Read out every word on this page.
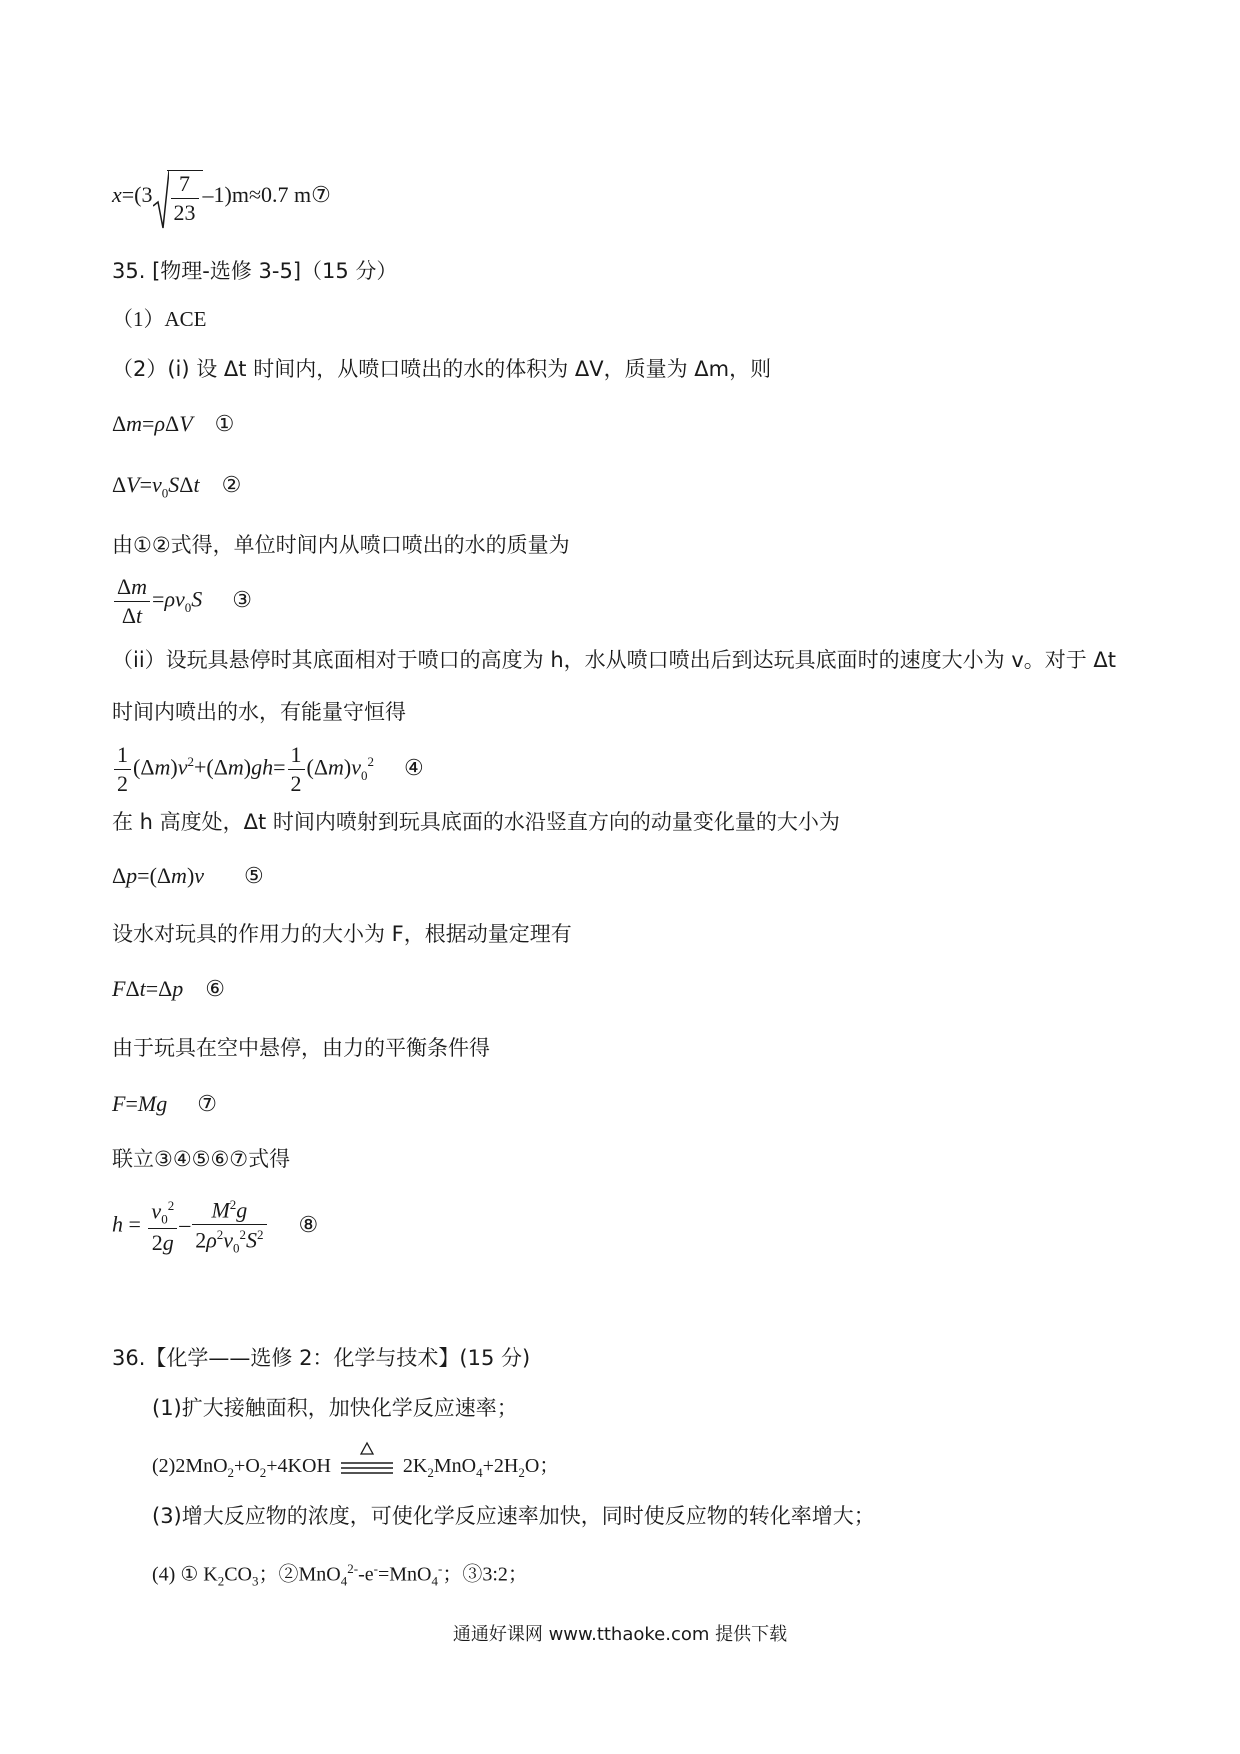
$x=(3 \frac{7}{23} -1)m\approx 0.7$ m⑦
35. [物理-选修 3-5]（15 分）
（1）ACE
（2）(i) 设 Δt 时间内，从喷口喷出的水的体积为 ΔV，质量为 Δm，则
Δm=ρΔV ①
$\Delta V=v_0S\Delta t$ ②
由①②式得，单位时间内从喷口喷出的水的质量为
$\frac{\Delta m}{\Delta t} =\rho v_0S$ ③
（ii）设玩具悬停时其底面相对于喷口的高度为 h，水从喷口喷出后到达玩具底面时的速度大小为 v。对于 Δt
时间内喷出的水，有能量守恒得
$\frac{1}{2} (\Delta m)v^2+(\Delta m)gh= \frac{1}{2} (\Delta m)v_0^2$ ④
在 h 高度处，Δt 时间内喷射到玩具底面的水沿竖直方向的动量变化量的大小为
Δp=(Δm)v ⑤
设水对玩具的作用力的大小为 F，根据动量定理有
FΔt=Δp ⑥
由于玩具在空中悬停，由力的平衡条件得
F=Mg ⑦
联立③④⑤⑥⑦式得
$h = \frac{v_0^2}{2g} - \frac{M^2g}{2\rho^2v_0^2S^2}$ ⑧
36.【化学——选修 2：化学与技术】(15 分)
(1)扩大接触面积，加快化学反应速率；
$(2)2MnO_2+O_2+4KOH$	$2K_2MnO_4+2H_2O$；
(3)增大反应物的浓度，可使化学反应速率加快，同时使反应物的转化率增大；
(4) ① $K_2CO_3$；②MnO$_4^{2-}$-e-=MnO$_4$-；③3:2；
通通好课网 www.tthaoke.com 提供下载
